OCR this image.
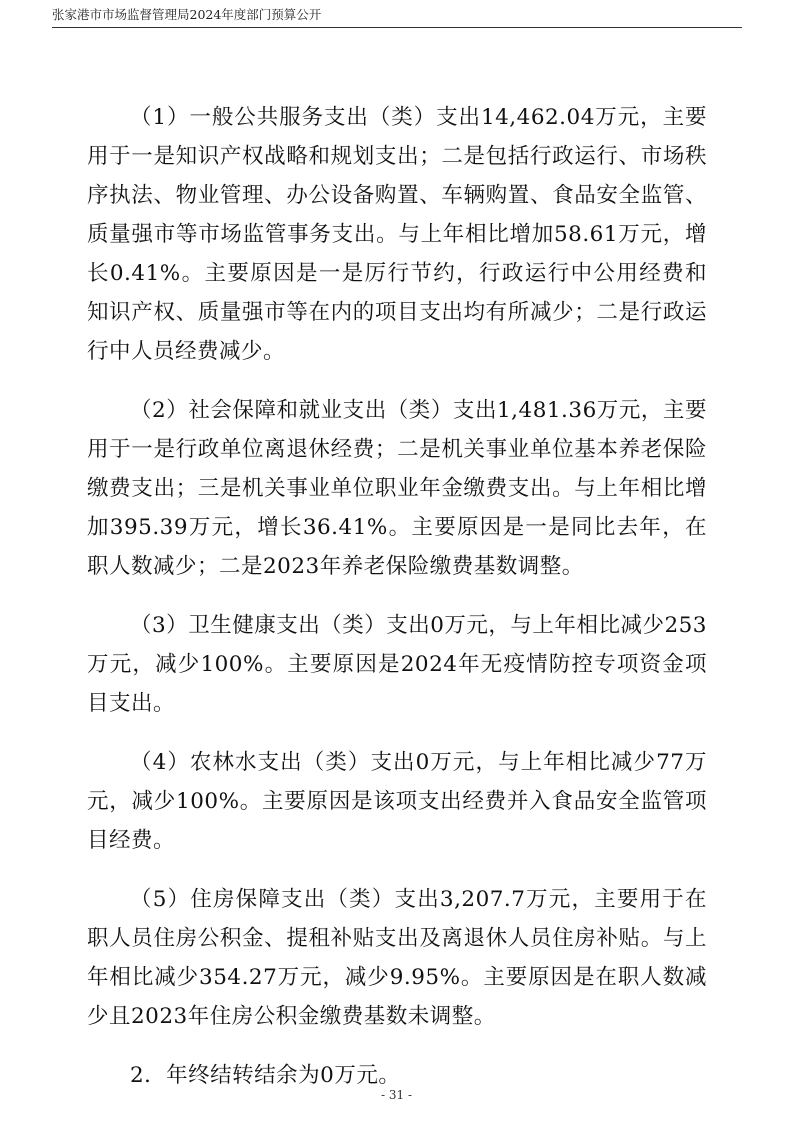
张家港市市场监督管理局2024年度部门预算公开

（1）一般公共服务支出（类）支出14,462.04万元，主要用于一是知识产权战略和规划支出；二是包括行政运行、市场秩序执法、物业管理、办公设备购置、车辆购置、食品安全监管、质量强市等市场监管事务支出。与上年相比增加58.61万元，增长0.41%。主要原因是一是厉行节约，行政运行中公用经费和知识产权、质量强市等在内的项目支出均有所减少；二是行政运行中人员经费减少。

（2）社会保障和就业支出（类）支出1,481.36万元，主要用于一是行政单位离退休经费；二是机关事业单位基本养老保险缴费支出；三是机关事业单位职业年金缴费支出。与上年相比增加395.39万元，增长36.41%。主要原因是一是同比去年，在职人数减少；二是2023年养老保险缴费基数调整。

（3）卫生健康支出（类）支出0万元，与上年相比减少253万元，减少100%。主要原因是2024年无疫情防控专项资金项目支出。

（4）农林水支出（类）支出0万元，与上年相比减少77万元，减少100%。主要原因是该项支出经费并入食品安全监管项目经费。

（5）住房保障支出（类）支出3,207.7万元，主要用于在职人员住房公积金、提租补贴支出及离退休人员住房补贴。与上年相比减少354.27万元，减少9.95%。主要原因是在职人数减少且2023年住房公积金缴费基数未调整。

2．年终结转结余为0万元。

- 31 -
